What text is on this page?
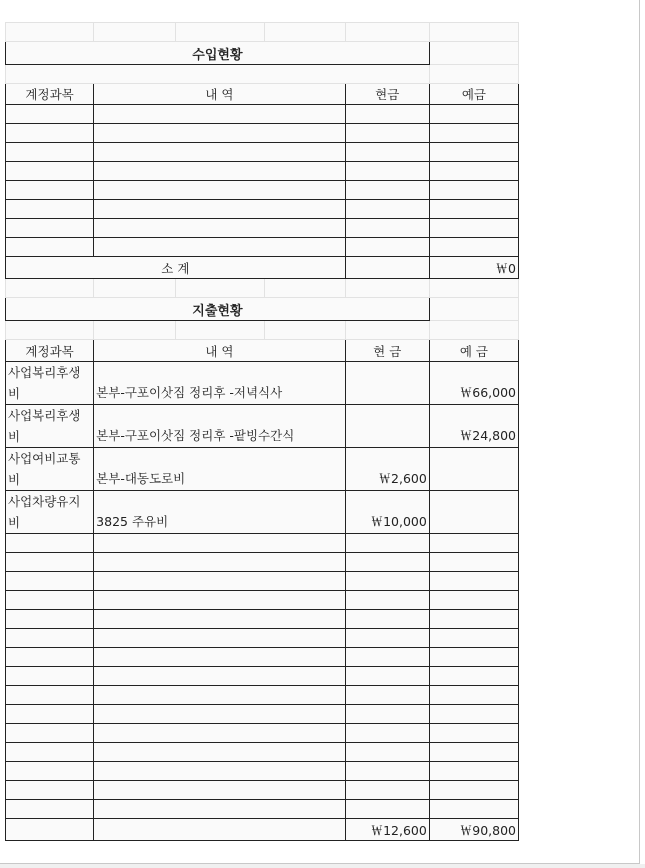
수입현황					

계정과목	내 역			현금	예금

소 계					￦0

지출현황					

계정과목	내 역			현 금	예 금
사업복리후생비	본부-구포이삿짐 정리후 -저녁식사				￦66,000
사업복리후생비	본부-구포이삿짐 정리후 -팥빙수간식				￦24,800
사업여비교통비	본부-대동도로비			￦2,600	
사업차량유지비	3825 주유비			￦10,000	

				￦12,600	￦90,800
